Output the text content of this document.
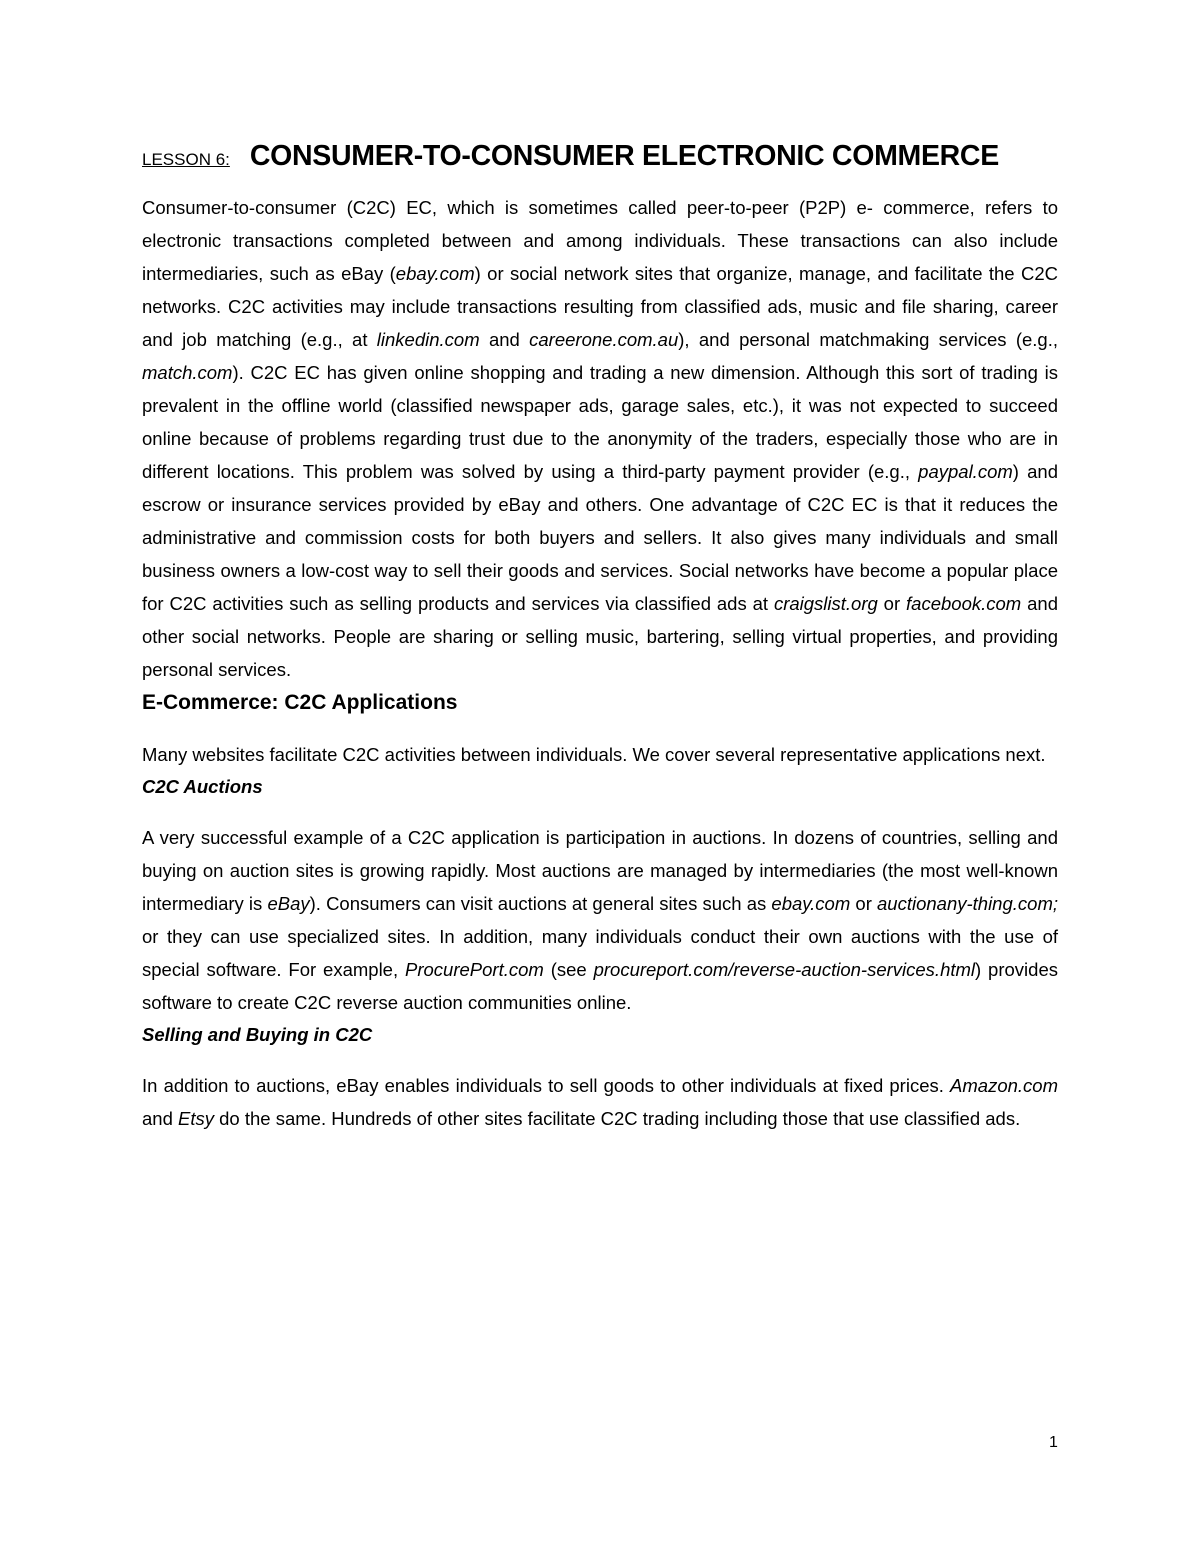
LESSON 6: CONSUMER-TO-CONSUMER ELECTRONIC COMMERCE

Consumer-to-consumer (C2C) EC, which is sometimes called peer-to-peer (P2P) e- commerce, refers to electronic transactions completed between and among individuals. These transactions can also include intermediaries, such as eBay (ebay.com) or social network sites that organize, manage, and facilitate the C2C networks. C2C activities may include transactions resulting from classified ads, music and file sharing, career and job matching (e.g., at linkedin.com and careerone.com.au), and personal matchmaking services (e.g., match.com). C2C EC has given online shopping and trading a new dimension. Although this sort of trading is prevalent in the offline world (classified newspaper ads, garage sales, etc.), it was not expected to succeed online because of problems regarding trust due to the anonymity of the traders, especially those who are in different locations. This problem was solved by using a third-party payment provider (e.g., paypal.com) and escrow or insurance services provided by eBay and others. One advantage of C2C EC is that it reduces the administrative and commission costs for both buyers and sellers. It also gives many individuals and small business owners a low-cost way to sell their goods and services. Social networks have become a popular place for C2C activities such as selling products and services via classified ads at craigslist.org or facebook.com and other social networks. People are sharing or selling music, bartering, selling virtual properties, and providing personal services.

E-Commerce: C2C Applications

Many websites facilitate C2C activities between individuals. We cover several representative applications next.

C2C Auctions

A very successful example of a C2C application is participation in auctions. In dozens of countries, selling and buying on auction sites is growing rapidly. Most auctions are managed by intermediaries (the most well-known intermediary is eBay). Consumers can visit auctions at general sites such as ebay.com or auctionany-thing.com; or they can use specialized sites. In addition, many individuals conduct their own auctions with the use of special software. For example, ProcurePort.com (see procureport.com/reverse-auction-services.html) provides software to create C2C reverse auction communities online.

Selling and Buying in C2C

In addition to auctions, eBay enables individuals to sell goods to other individuals at fixed prices. Amazon.com and Etsy do the same. Hundreds of other sites facilitate C2C trading including those that use classified ads.

1
